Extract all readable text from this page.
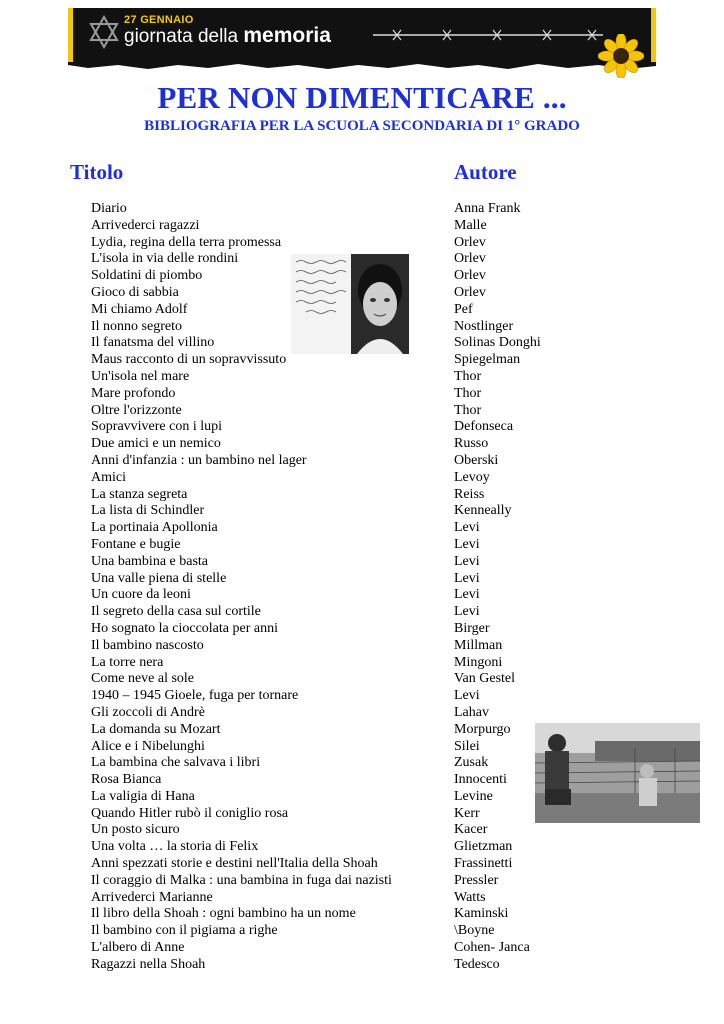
27 GENNAIO
giornata della memoria
PER NON DIMENTICARE ...
BIBLIOGRAFIA PER LA SCUOLA SECONDARIA DI 1° GRADO
Titolo	Autore
Diario	Anna Frank
Arrivederci ragazzi	Malle
Lydia, regina della terra promessa	Orlev
L'isola in via delle rondini	Orlev
Soldatini di piombo	Orlev
Gioco di sabbia	Orlev
Mi chiamo Adolf	Pef
Il nonno segreto	Nostlinger
Il fanatsma del villino	Solinas Donghi
Maus racconto di un sopravvissuto	Spiegelman
Un'isola nel mare	Thor
Mare profondo	Thor
Oltre l'orizzonte	Thor
Sopravvivere con i lupi	Defonseca
Due amici e un nemico	Russo
Anni d'infanzia : un bambino nel lager	Oberski
Amici	Levoy
La stanza segreta	Reiss
La lista di Schindler	Kenneally
La portinaia Apollonia	Levi
Fontane e bugie	Levi
Una bambina e basta	Levi
Una valle piena di stelle	Levi
Un cuore da leoni	Levi
Il segreto della casa sul cortile	Levi
Ho sognato la cioccolata per anni	Birger
Il bambino nascosto	Millman
La torre nera	Mingoni
Come neve al sole	Van Gestel
1940 – 1945 Gioele, fuga per tornare	Levi
Gli zoccoli di Andrè	Lahav
La domanda su Mozart	Morpurgo
Alice e i Nibelunghi	Silei
La bambina che salvava i libri	Zusak
Rosa Bianca	Innocenti
La valigia di Hana	Levine
Quando Hitler rubò il coniglio rosa	Kerr
Un posto sicuro	Kacer
Una volta … la storia di Felix	Glietzman
Anni spezzati storie e destini nell'Italia della Shoah	Frassinetti
Il coraggio di Malka : una bambina in fuga dai nazisti	Pressler
Arrivederci Marianne	Watts
Il libro della Shoah : ogni bambino ha un nome	Kaminski
Il bambino con il pigiama a righe	\Boyne
L'albero di Anne	Cohen- Janca
Ragazzi nella Shoah	Tedesco
